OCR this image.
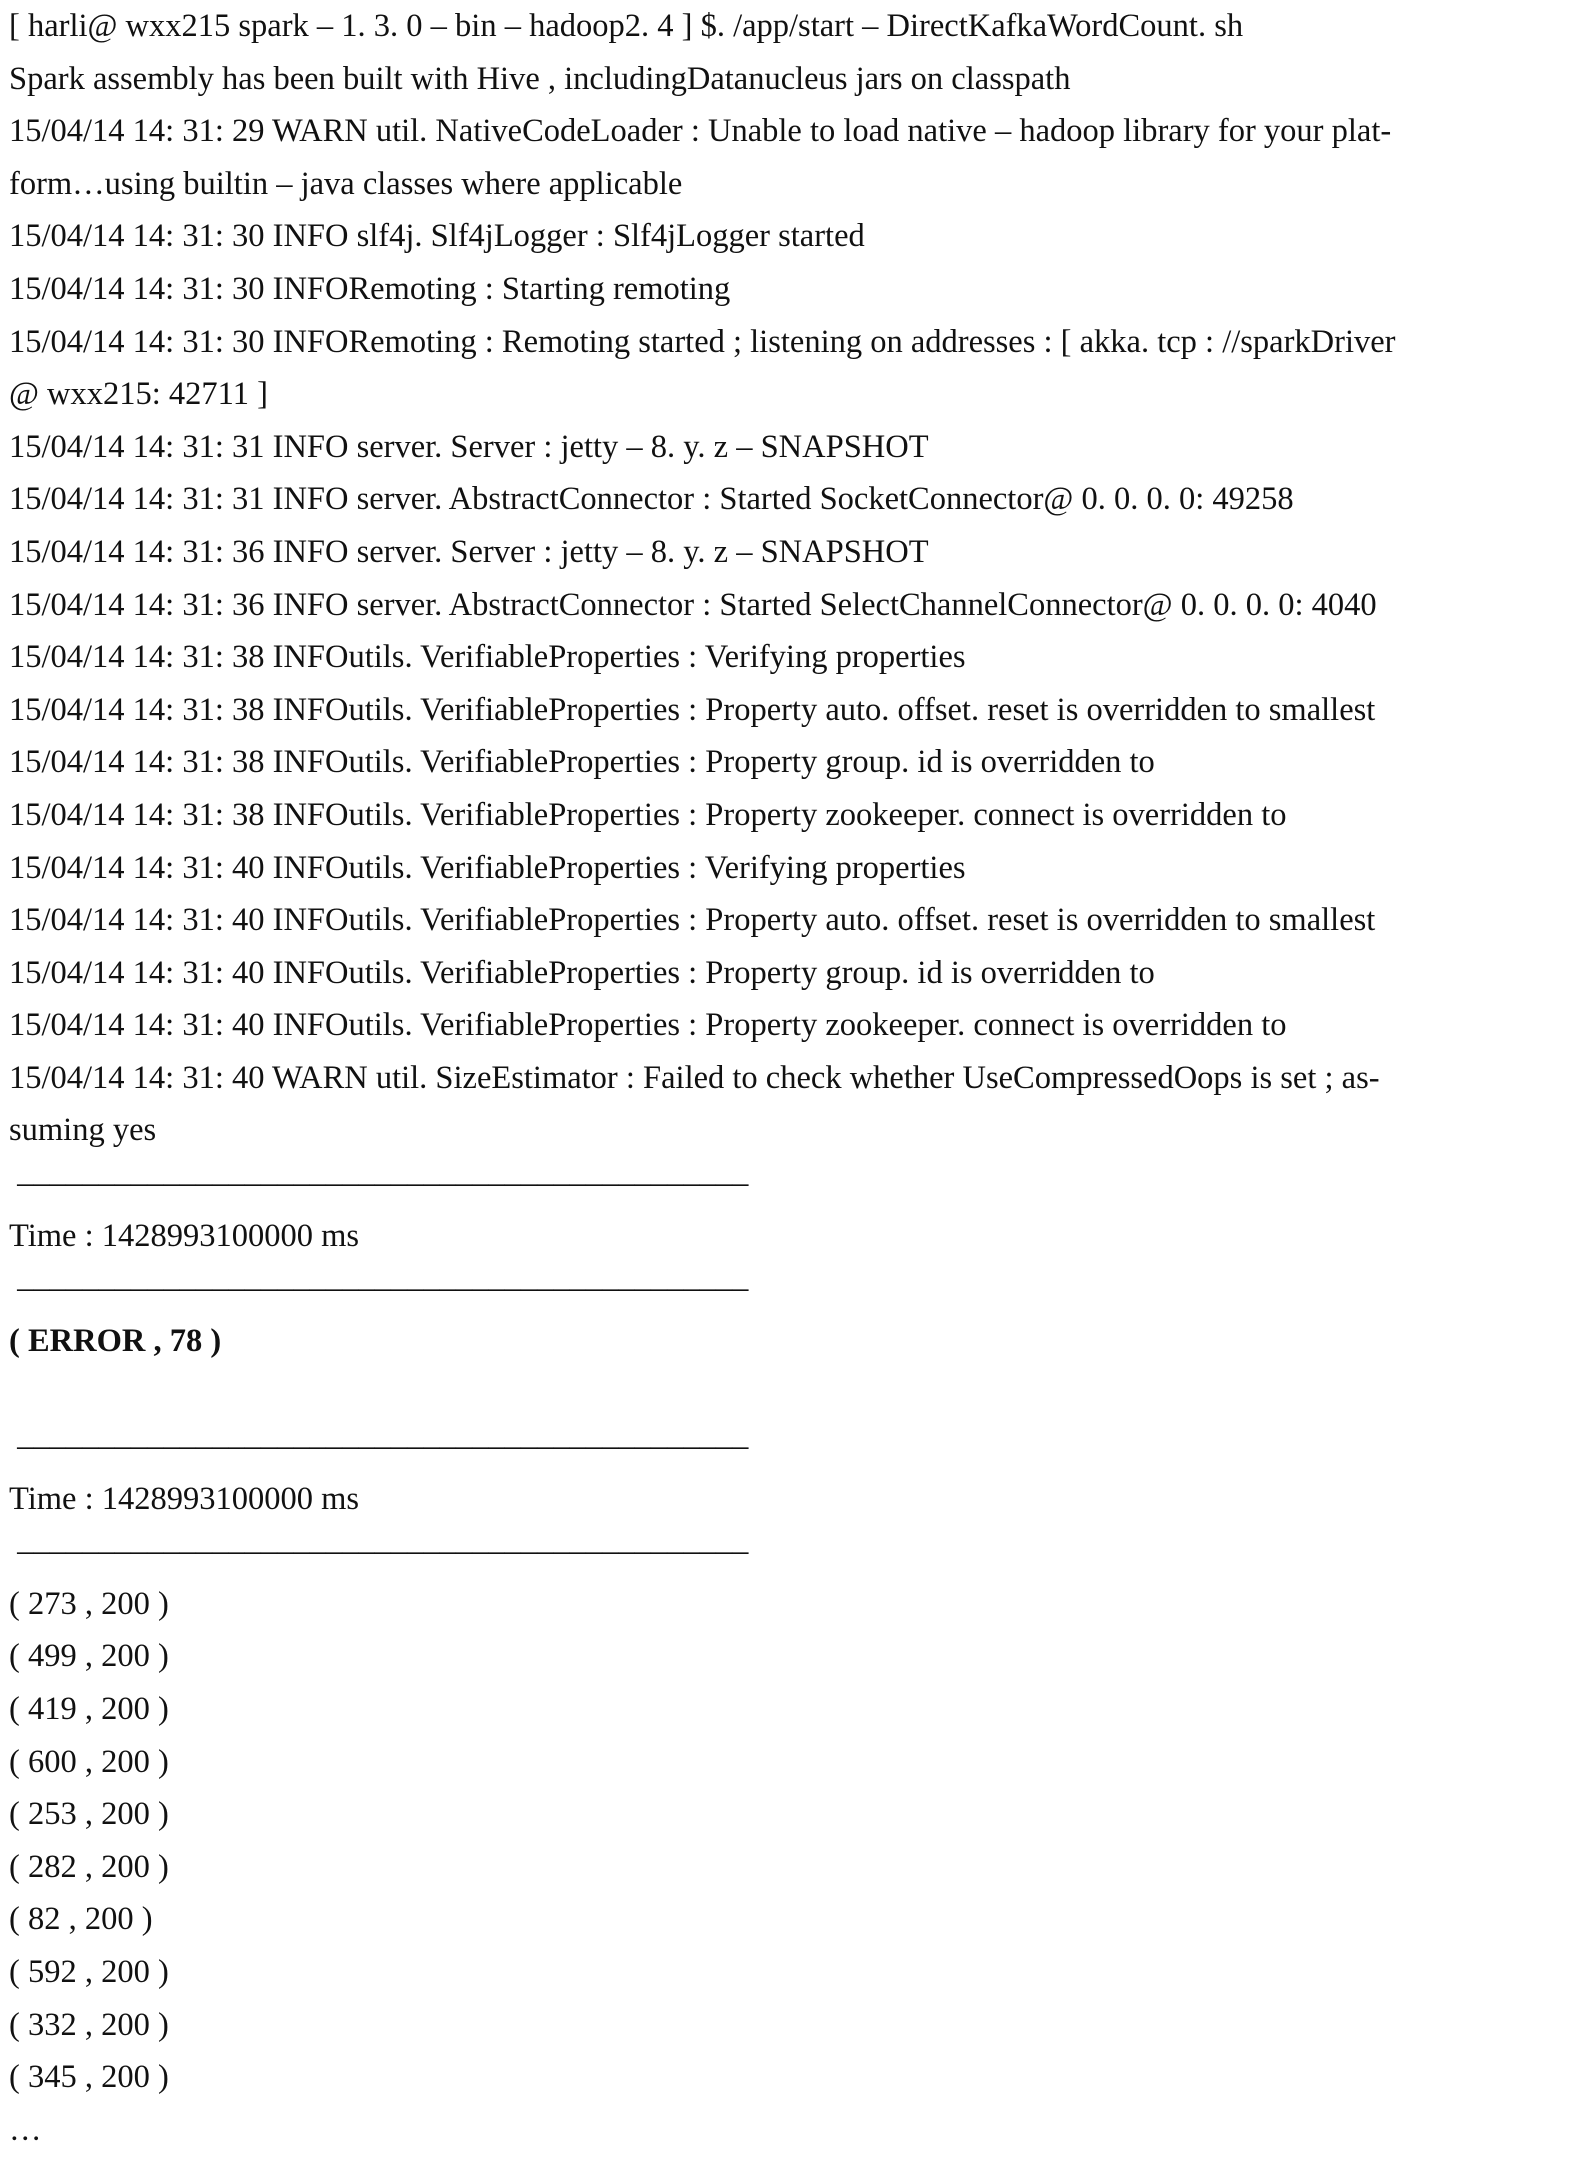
[ harli@ wxx215 spark – 1. 3. 0 – bin – hadoop2. 4 ] $. /app/start – DirectKafkaWordCount. sh
Spark assembly has been built with Hive , includingDatanucleus jars on classpath
15/04/14 14: 31: 29 WARN util. NativeCodeLoader : Unable to load native – hadoop library for your plat-
form…using builtin – java classes where applicable
15/04/14 14: 31: 30 INFO slf4j. Slf4jLogger : Slf4jLogger started
15/04/14 14: 31: 30 INFORemoting : Starting remoting
15/04/14 14: 31: 30 INFORemoting : Remoting started ; listening on addresses : [ akka. tcp : //sparkDriver
@ wxx215: 42711 ]
15/04/14 14: 31: 31 INFO server. Server : jetty – 8. y. z – SNAPSHOT
15/04/14 14: 31: 31 INFO server. AbstractConnector : Started SocketConnector@ 0. 0. 0. 0: 49258
15/04/14 14: 31: 36 INFO server. Server : jetty – 8. y. z – SNAPSHOT
15/04/14 14: 31: 36 INFO server. AbstractConnector : Started SelectChannelConnector@ 0. 0. 0. 0: 4040
15/04/14 14: 31: 38 INFOutils. VerifiableProperties : Verifying properties
15/04/14 14: 31: 38 INFOutils. VerifiableProperties : Property auto. offset. reset is overridden to smallest
15/04/14 14: 31: 38 INFOutils. VerifiableProperties : Property group. id is overridden to
15/04/14 14: 31: 38 INFOutils. VerifiableProperties : Property zookeeper. connect is overridden to
15/04/14 14: 31: 40 INFOutils. VerifiableProperties : Verifying properties
15/04/14 14: 31: 40 INFOutils. VerifiableProperties : Property auto. offset. reset is overridden to smallest
15/04/14 14: 31: 40 INFOutils. VerifiableProperties : Property group. id is overridden to
15/04/14 14: 31: 40 INFOutils. VerifiableProperties : Property zookeeper. connect is overridden to
15/04/14 14: 31: 40 WARN util. SizeEstimator : Failed to check whether UseCompressedOops is set ; as-
suming yes
–––––––––––––––––––––––––––––––––––––––––––––
Time : 1428993100000 ms
–––––––––––––––––––––––––––––––––––––––––––––
( ERROR , 78 )
–––––––––––––––––––––––––––––––––––––––––––––
Time : 1428993100000 ms
–––––––––––––––––––––––––––––––––––––––––––––
( 273 , 200 )
( 499 , 200 )
( 419 , 200 )
( 600 , 200 )
( 253 , 200 )
( 282 , 200 )
( 82 , 200 )
( 592 , 200 )
( 332 , 200 )
( 345 , 200 )
…
